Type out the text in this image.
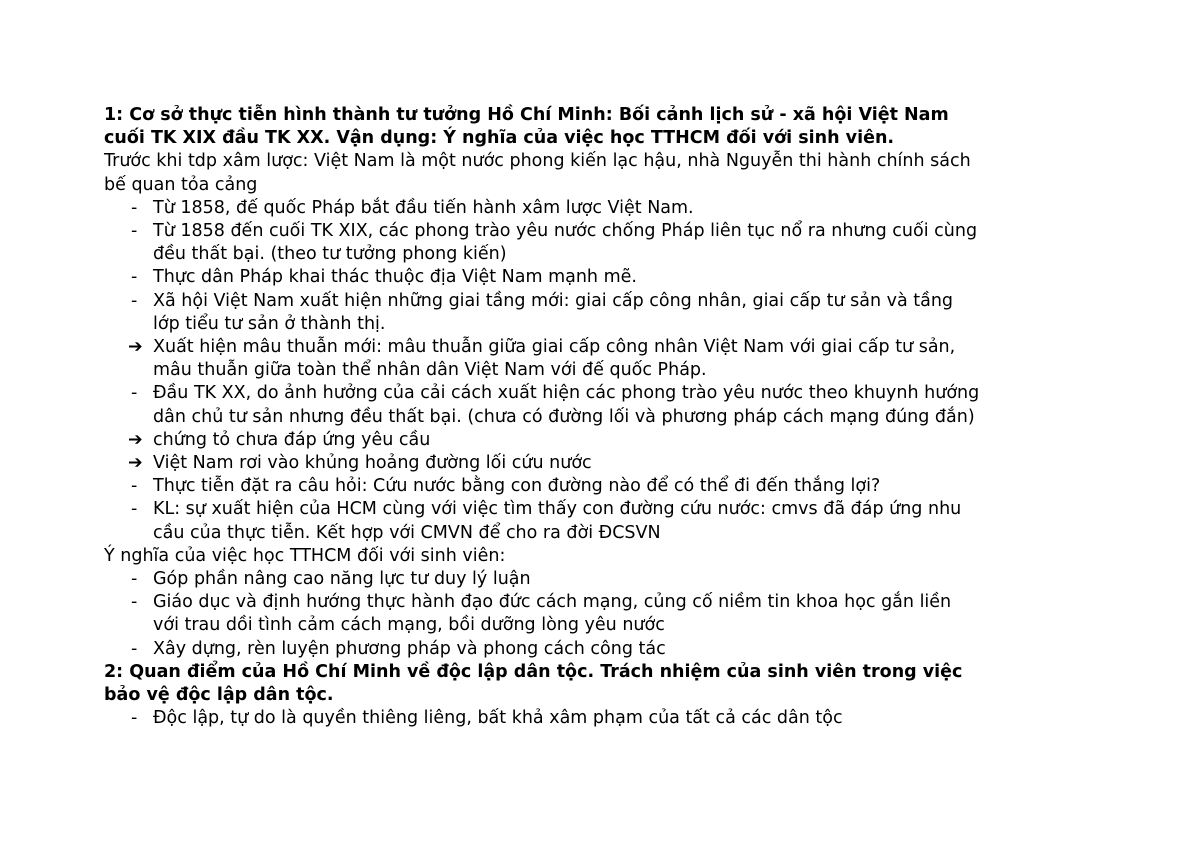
1: Cơ sở thực tiễn hình thành tư tưởng Hồ Chí Minh: Bối cảnh lịch sử - xã hội Việt Nam
cuối TK XIX đầu TK XX. Vận dụng: Ý nghĩa của việc học TTHCM đối với sinh viên.
Trước khi tdp xâm lược: Việt Nam là một nước phong kiến lạc hậu, nhà Nguyễn thi hành chính sách
bế quan tỏa cảng
- Từ 1858, đế quốc Pháp bắt đầu tiến hành xâm lược Việt Nam.
- Từ 1858 đến cuối TK XIX, các phong trào yêu nước chống Pháp liên tục nổ ra nhưng cuối cùng
đều thất bại. (theo tư tưởng phong kiến)
- Thực dân Pháp khai thác thuộc địa Việt Nam mạnh mẽ.
- Xã hội Việt Nam xuất hiện những giai tầng mới: giai cấp công nhân, giai cấp tư sản và tầng
lớp tiểu tư sản ở thành thị.
➔ Xuất hiện mâu thuẫn mới: mâu thuẫn giữa giai cấp công nhân Việt Nam với giai cấp tư sản,
mâu thuẫn giữa toàn thể nhân dân Việt Nam với đế quốc Pháp.
- Đầu TK XX, do ảnh hưởng của cải cách xuất hiện các phong trào yêu nước theo khuynh hướng
dân chủ tư sản nhưng đều thất bại. (chưa có đường lối và phương pháp cách mạng đúng đắn)
➔ chứng tỏ chưa đáp ứng yêu cầu
➔ Việt Nam rơi vào khủng hoảng đường lối cứu nước
- Thực tiễn đặt ra câu hỏi: Cứu nước bằng con đường nào để có thể đi đến thắng lợi?
- KL: sự xuất hiện của HCM cùng với việc tìm thấy con đường cứu nước: cmvs đã đáp ứng nhu
cầu của thực tiễn. Kết hợp với CMVN để cho ra đời ĐCSVN
Ý nghĩa của việc học TTHCM đối với sinh viên:
- Góp phần nâng cao năng lực tư duy lý luận
- Giáo dục và định hướng thực hành đạo đức cách mạng, củng cố niềm tin khoa học gắn liền
với trau dồi tình cảm cách mạng, bồi dưỡng lòng yêu nước
- Xây dựng, rèn luyện phương pháp và phong cách công tác
2: Quan điểm của Hồ Chí Minh về độc lập dân tộc. Trách nhiệm của sinh viên trong việc
bảo vệ độc lập dân tộc.
- Độc lập, tự do là quyền thiêng liêng, bất khả xâm phạm của tất cả các dân tộc
